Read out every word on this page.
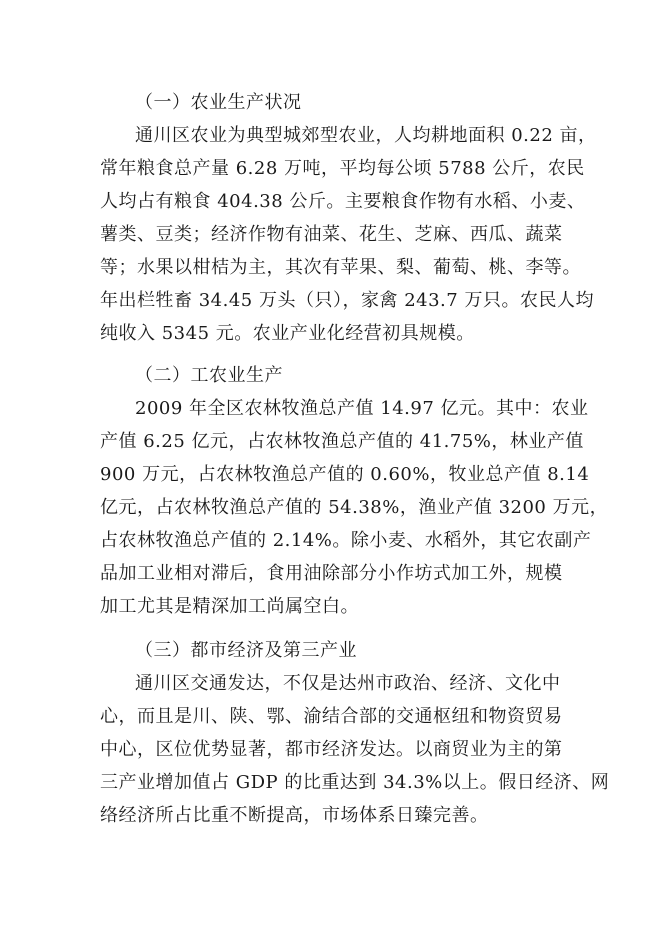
（一）农业生产状况
通川区农业为典型城郊型农业，人均耕地面积 0.22 亩，
常年粮食总产量 6.28 万吨，平均每公顷 5788 公斤，农民
人均占有粮食 404.38 公斤。主要粮食作物有水稻、小麦、
薯类、豆类；经济作物有油菜、花生、芝麻、西瓜、蔬菜
等；水果以柑桔为主，其次有苹果、梨、葡萄、桃、李等。
年出栏牲畜 34.45 万头（只），家禽 243.7 万只。农民人均
纯收入 5345 元。农业产业化经营初具规模。
（二）工农业生产
2009 年全区农林牧渔总产值 14.97 亿元。其中：农业
产值 6.25 亿元，占农林牧渔总产值的 41.75%，林业产值
900 万元，占农林牧渔总产值的 0.60%，牧业总产值 8.14
亿元，占农林牧渔总产值的 54.38%，渔业产值 3200 万元，
占农林牧渔总产值的 2.14%。除小麦、水稻外，其它农副产
品加工业相对滞后，食用油除部分小作坊式加工外，规模
加工尤其是精深加工尚属空白。
（三）都市经济及第三产业
通川区交通发达，不仅是达州市政治、经济、文化中
心，而且是川、陕、鄂、渝结合部的交通枢纽和物资贸易
中心，区位优势显著，都市经济发达。以商贸业为主的第
三产业增加值占 GDP 的比重达到 34.3%以上。假日经济、网
络经济所占比重不断提高，市场体系日臻完善。
